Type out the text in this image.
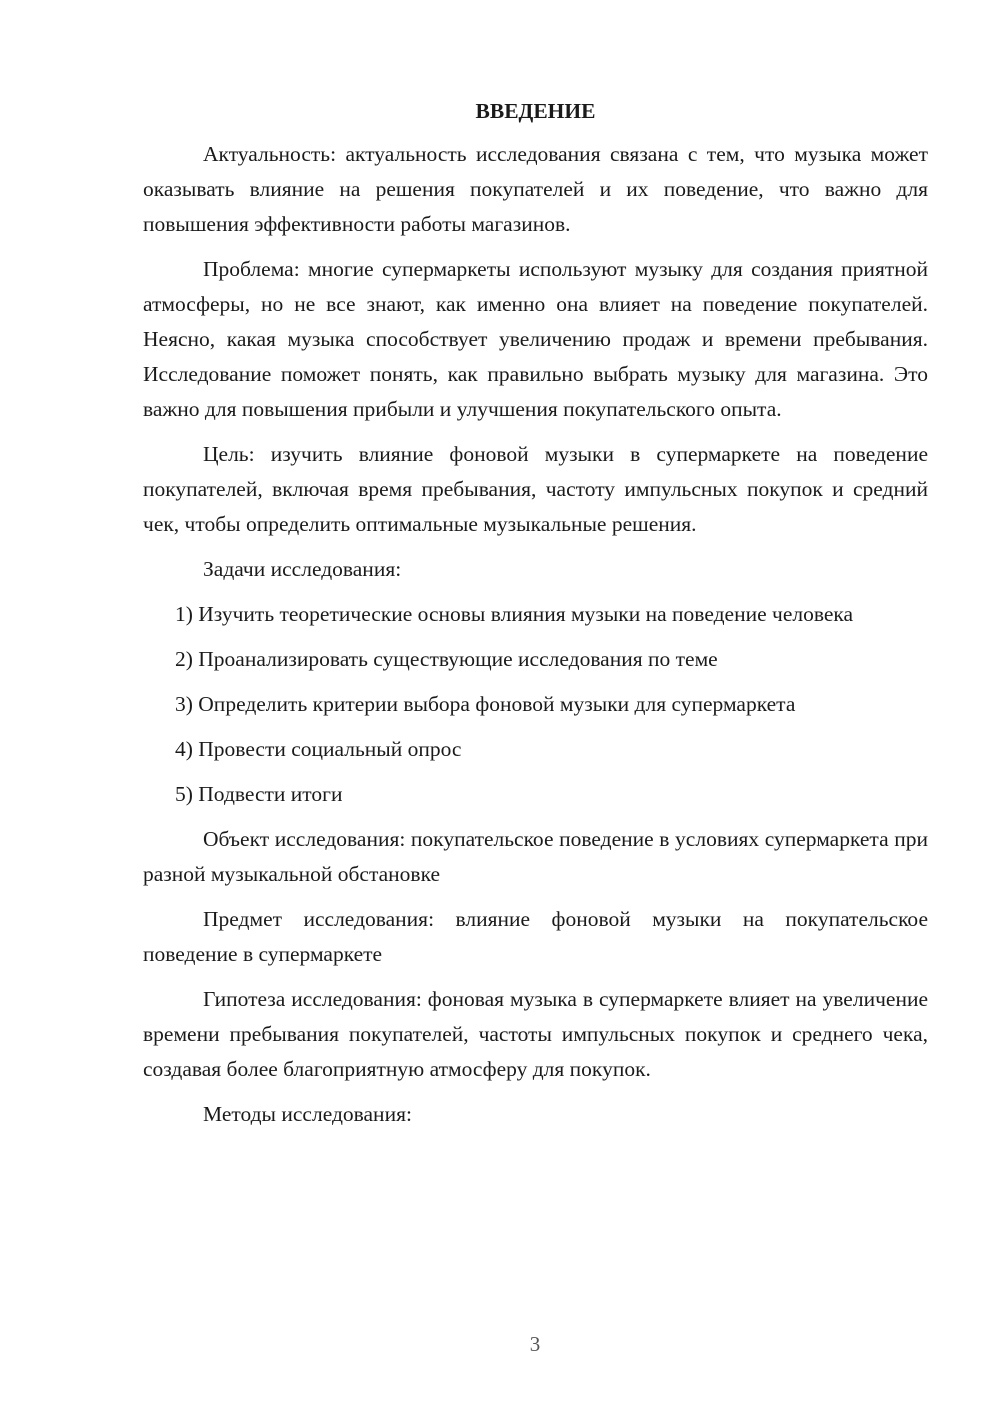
ВВЕДЕНИЕ

Актуальность: актуальность исследования связана с тем, что музыка может оказывать влияние на решения покупателей и их поведение, что важно для повышения эффективности работы магазинов.

Проблема: многие супермаркеты используют музыку для создания приятной атмосферы, но не все знают, как именно она влияет на поведение покупателей. Неясно, какая музыка способствует увеличению продаж и времени пребывания. Исследование поможет понять, как правильно выбрать музыку для магазина. Это важно для повышения прибыли и улучшения покупательского опыта.

Цель: изучить влияние фоновой музыки в супермаркете на поведение покупателей, включая время пребывания, частоту импульсных покупок и средний чек, чтобы определить оптимальные музыкальные решения.

Задачи исследования:

1) Изучить теоретические основы влияния музыки на поведение человека

2) Проанализировать существующие исследования по теме

3) Определить критерии выбора фоновой музыки для супермаркета

4) Провести социальный опрос

5) Подвести итоги

Объект исследования: покупательское поведение в условиях супермаркета при разной музыкальной обстановке

Предмет исследования: влияние фоновой музыки на покупательское поведение в супермаркете

Гипотеза исследования: фоновая музыка в супермаркете влияет на увеличение времени пребывания покупателей, частоты импульсных покупок и среднего чека, создавая более благоприятную атмосферу для покупок.

Методы исследования:

3
